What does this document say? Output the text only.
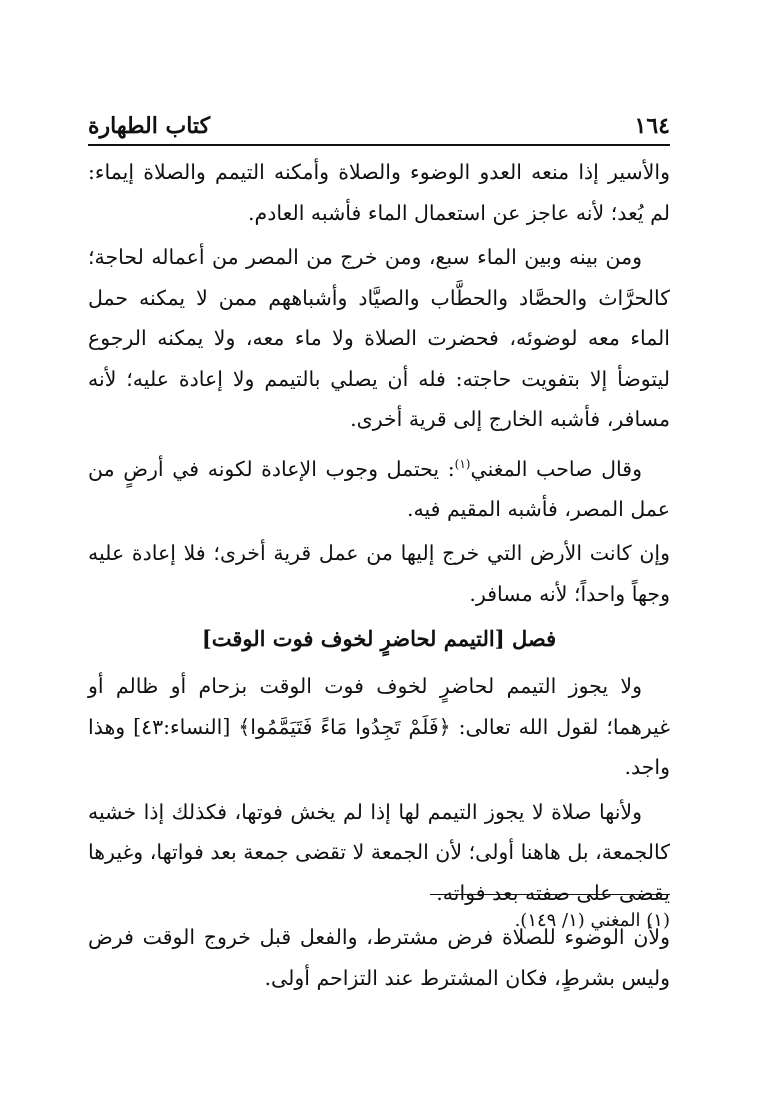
١٦٤
كتاب الطهارة

والأسير إذا منعه العدو الوضوء والصلاة وأمكنه التيمم والصلاة إيماء: لم يُعد؛ لأنه عاجز عن استعمال الماء فأشبه العادم.

ومن بينه وبين الماء سبع، ومن خرج من المصر من أعماله لحاجة؛ كالحرَّاث والحصَّاد والحطَّاب والصيَّاد وأشباههم ممن لا يمكنه حمل الماء معه لوضوئه، فحضرت الصلاة ولا ماء معه، ولا يمكنه الرجوع ليتوضأ إلا بتفويت حاجته: فله أن يصلي بالتيمم ولا إعادة عليه؛ لأنه مسافر، فأشبه الخارج إلى قرية أخرى.

وقال صاحب المغني$^{(١)}$: يحتمل وجوب الإعادة لكونه في أرضٍ من عمل المصر، فأشبه المقيم فيه.

وإن كانت الأرض التي خرج إليها من عمل قرية أخرى؛ فلا إعادة عليه وجهاً واحداً؛ لأنه مسافر.

فصل [التيمم لحاضرٍ لخوف فوت الوقت]

ولا يجوز التيمم لحاضرٍ لخوف فوت الوقت بزحام أو ظالم أو غيرهما؛ لقول الله تعالى: ﴿فَلَمْ تَجِدُوا مَاءً فَتَيَمَّمُوا﴾ [النساء:٤٣] وهذا واجد.

ولأنها صلاة لا يجوز التيمم لها إذا لم يخش فوتها، فكذلك إذا خشيه كالجمعة، بل هاهنا أولى؛ لأن الجمعة لا تقضى جمعة بعد فواتها، وغيرها يقضى على صفته بعد فواته.

ولأن الوضوء للصلاة فرض مشترط، والفعل قبل خروج الوقت فرض وليس بشرطٍ، فكان المشترط عند التزاحم أولى.

(١) المغني (١/ ١٤٩).
